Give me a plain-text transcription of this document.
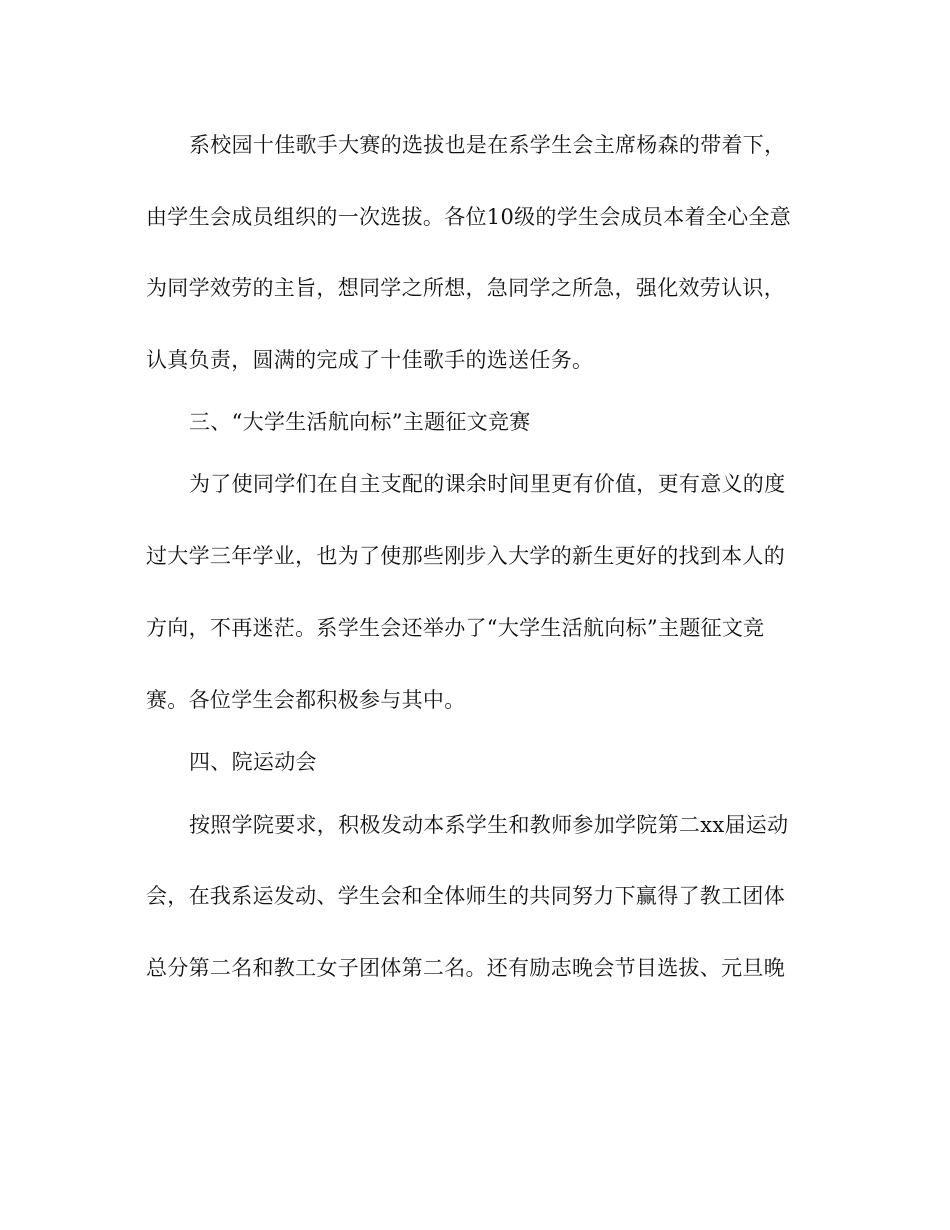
系校园十佳歌手大赛的选拔也是在系学生会主席杨森的带着下，
由学生会成员组织的一次选拔。各位10级的学生会成员本着全心全意
为同学效劳的主旨，想同学之所想，急同学之所急，强化效劳认识，
认真负责，圆满的完成了十佳歌手的选送任务。
三、“大学生活航向标”主题征文竞赛
为了使同学们在自主支配的课余时间里更有价值，更有意义的度
过大学三年学业，也为了使那些刚步入大学的新生更好的找到本人的
方向，不再迷茫。系学生会还举办了“大学生活航向标”主题征文竞
赛。各位学生会都积极参与其中。
四、院运动会
按照学院要求，积极发动本系学生和教师参加学院第二xx届运动
会，在我系运发动、学生会和全体师生的共同努力下赢得了教工团体
总分第二名和教工女子团体第二名。还有励志晚会节目选拔、元旦晚
